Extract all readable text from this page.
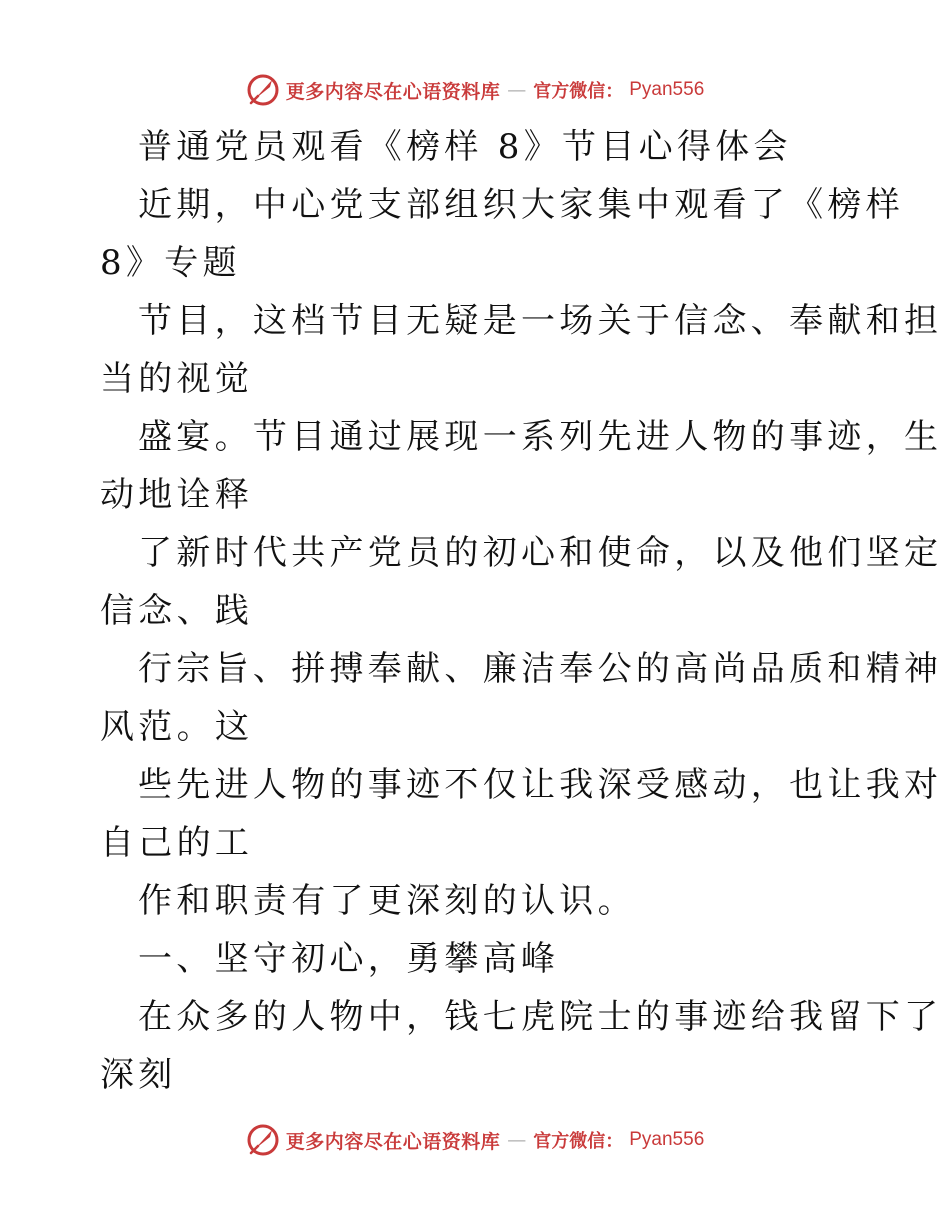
更多内容尽在心语资料库 — 官方微信： Pyan556
普通党员观看《榜样 8》节目心得体会
近期，中心党支部组织大家集中观看了《榜样
8》专题
节目，这档节目无疑是一场关于信念、奉献和担
当的视觉
盛宴。节目通过展现一系列先进人物的事迹，生
动地诠释
了新时代共产党员的初心和使命，以及他们坚定
信念、践
行宗旨、拼搏奉献、廉洁奉公的高尚品质和精神
风范。这
些先进人物的事迹不仅让我深受感动，也让我对
自己的工
作和职责有了更深刻的认识。
一、坚守初心，勇攀高峰
在众多的人物中，钱七虎院士的事迹给我留下了
深刻
更多内容尽在心语资料库 — 官方微信： Pyan556
